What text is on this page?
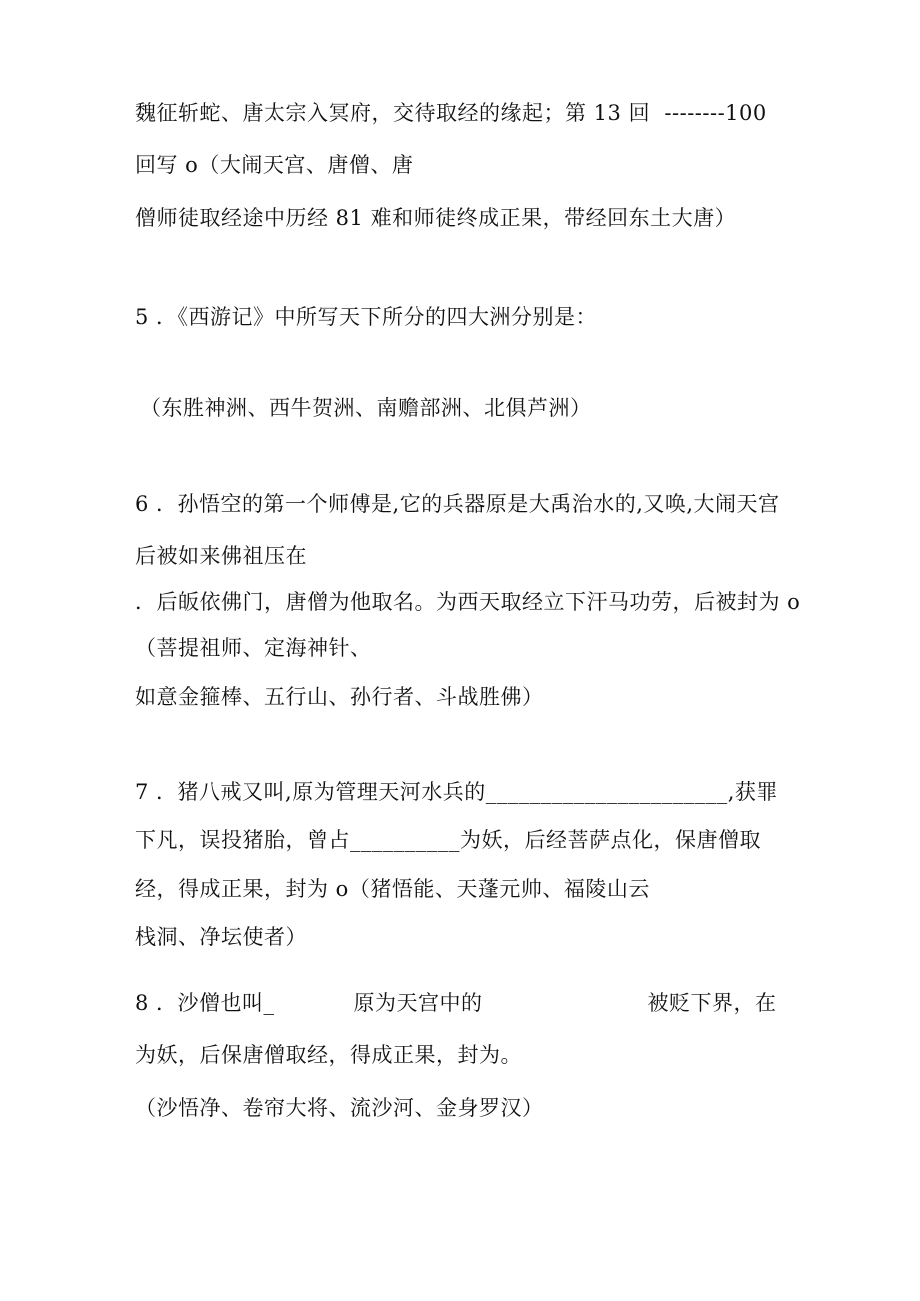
魏征斩蛇、唐太宗入冥府，交待取经的缘起；第 13 回  --------100
回写 o（大闹天宫、唐僧、唐
僧师徒取经途中历经 81 难和师徒终成正果，带经回东土大唐）
5 ．《西游记》中所写天下所分的四大洲分别是：
（东胜神洲、西牛贺洲、南赡部洲、北俱芦洲）
6 ．孙悟空的第一个师傅是,它的兵器原是大禹治水的,又唤,大闹天宫
后被如来佛祖压在
．后皈依佛门，唐僧为他取名。为西天取经立下汗马功劳，后被封为 o
（菩提祖师、定海神针、
如意金箍棒、五行山、孙行者、斗战胜佛）
7 ．猪八戒又叫,原为管理天河水兵的______________________,获罪
下凡，误投猪胎，曾占__________为妖，后经菩萨点化，保唐僧取
经，得成正果，封为 o（猪悟能、天蓬元帅、福陵山云
栈洞、净坛使者）
8 ．沙僧也叫_           原为天宫中的                       被贬下界，在
为妖，后保唐僧取经，得成正果，封为。
（沙悟净、卷帘大将、流沙河、金身罗汉）
